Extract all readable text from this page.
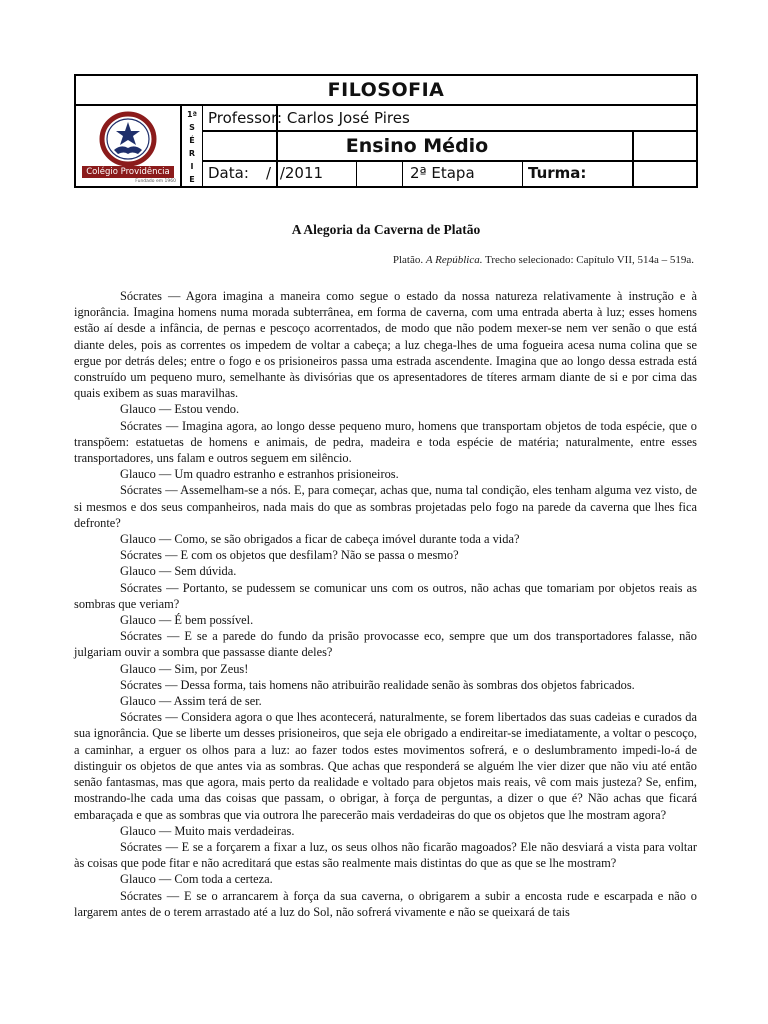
FILOSOFIA
Colégio Providência
Fundado em 1960
1ª
S
É
R
I
E
Professor: Carlos José Pires
Ensino Médio
Data: / /2011	2ª Etapa	Turma:
A Alegoria da Caverna de Platão
Platão. A República. Trecho selecionado: Capítulo VII, 514a – 519a.

Sócrates — Agora imagina a maneira como segue o estado da nossa natureza relativamente à instrução e à ignorância. Imagina homens numa morada subterrânea, em forma de caverna, com uma entrada aberta à luz; esses homens estão aí desde a infância, de pernas e pescoço acorrentados, de modo que não podem mexer-se nem ver senão o que está diante deles, pois as correntes os impedem de voltar a cabeça; a luz chega-lhes de uma fogueira acesa numa colina que se ergue por detrás deles; entre o fogo e os prisioneiros passa uma estrada ascendente. Imagina que ao longo dessa estrada está construído um pequeno muro, semelhante às divisórias que os apresentadores de títeres armam diante de si e por cima das quais exibem as suas maravilhas.

Glauco — Estou vendo.

Sócrates — Imagina agora, ao longo desse pequeno muro, homens que transportam objetos de toda espécie, que o transpõem: estatuetas de homens e animais, de pedra, madeira e toda espécie de matéria; naturalmente, entre esses transportadores, uns falam e outros seguem em silêncio.

Glauco — Um quadro estranho e estranhos prisioneiros.

Sócrates — Assemelham-se a nós. E, para começar, achas que, numa tal condição, eles tenham alguma vez visto, de si mesmos e dos seus companheiros, nada mais do que as sombras projetadas pelo fogo na parede da caverna que lhes fica defronte?

Glauco — Como, se são obrigados a ficar de cabeça imóvel durante toda a vida?

Sócrates — E com os objetos que desfilam? Não se passa o mesmo?

Glauco — Sem dúvida.

Sócrates — Portanto, se pudessem se comunicar uns com os outros, não achas que tomariam por objetos reais as sombras que veriam?

Glauco — É bem possível.

Sócrates — E se a parede do fundo da prisão provocasse eco, sempre que um dos transportadores falasse, não julgariam ouvir a sombra que passasse diante deles?

Glauco — Sim, por Zeus!

Sócrates — Dessa forma, tais homens não atribuirão realidade senão às sombras dos objetos fabricados.

Glauco — Assim terá de ser.

Sócrates — Considera agora o que lhes acontecerá, naturalmente, se forem libertados das suas cadeias e curados da sua ignorância. Que se liberte um desses prisioneiros, que seja ele obrigado a endireitar-se imediatamente, a voltar o pescoço, a caminhar, a erguer os olhos para a luz: ao fazer todos estes movimentos sofrerá, e o deslumbramento impedi-lo-á de distinguir os objetos de que antes via as sombras. Que achas que responderá se alguém lhe vier dizer que não viu até então senão fantasmas, mas que agora, mais perto da realidade e voltado para objetos mais reais, vê com mais justeza? Se, enfim, mostrando-lhe cada uma das coisas que passam, o obrigar, à força de perguntas, a dizer o que é? Não achas que ficará embaraçada e que as sombras que via outrora lhe parecerão mais verdadeiras do que os objetos que lhe mostram agora?

Glauco — Muito mais verdadeiras.

Sócrates — E se a forçarem a fixar a luz, os seus olhos não ficarão magoados? Ele não desviará a vista para voltar às coisas que pode fitar e não acreditará que estas são realmente mais distintas do que as que se lhe mostram?

Glauco — Com toda a certeza.

Sócrates — E se o arrancarem à força da sua caverna, o obrigarem a subir a encosta rude e escarpada e não o largarem antes de o terem arrastado até a luz do Sol, não sofrerá vivamente e não se queixará de tais
